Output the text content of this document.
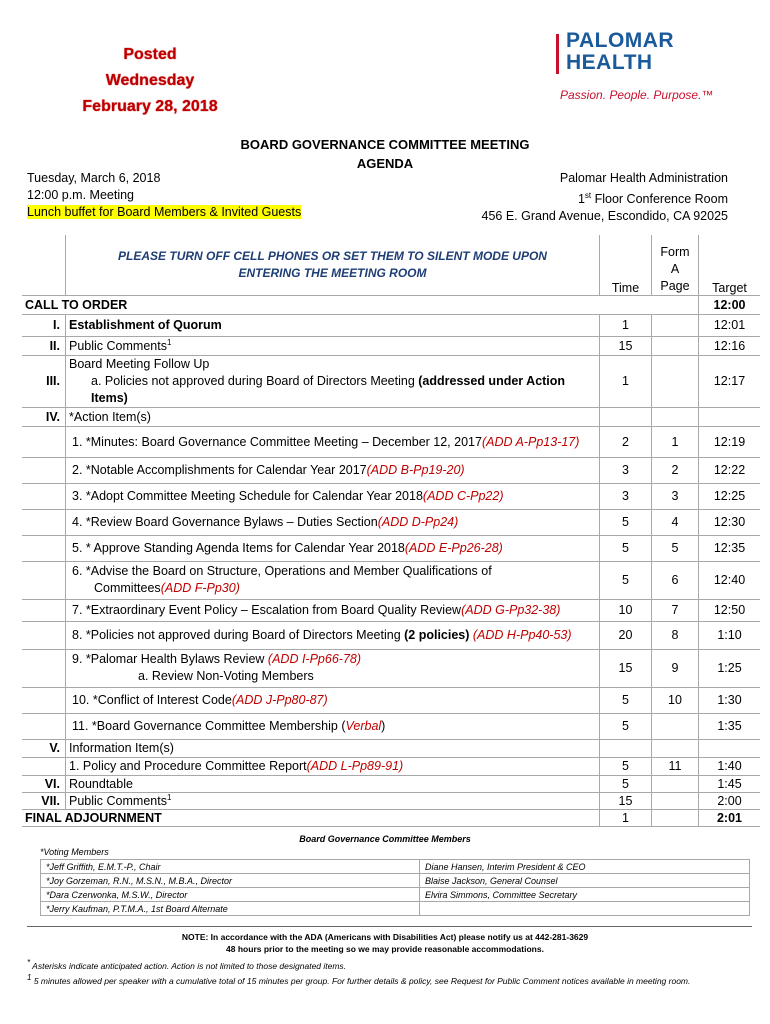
Posted
Wednesday
February 28, 2018
PALOMAR
HEALTH
Passion. People. Purpose.™
BOARD GOVERNANCE COMMITTEE MEETING
AGENDA
Tuesday, March 6, 2018
12:00 p.m. Meeting
Lunch buffet for Board Members & Invited Guests
Palomar Health Administration
1st Floor Conference Room
456 E. Grand Avenue, Escondido, CA 92025

	PLEASE TURN OFF CELL PHONES OR SET THEM TO SILENT MODE UPON ENTERING THE MEETING ROOM	Time	Form
A
Page	Target
CALL TO ORDER				12:00
I.	Establishment of Quorum	1		12:01
II.	Public Comments$^1$	15		12:16
III.	Board Meeting Follow Up
a. Policies not approved during Board of Directors Meeting (addressed under Action Items)	1		12:17
IV.	*Action Item(s)			
	1. *Minutes: Board Governance Committee Meeting – December 12, 2017(ADD A-Pp13-17)	2	1	12:19
	2. *Notable Accomplishments for Calendar Year 2017(ADD B-Pp19-20)	3	2	12:22
	3. *Adopt Committee Meeting Schedule for Calendar Year 2018(ADD C-Pp22)	3	3	12:25
	4. *Review Board Governance Bylaws – Duties Section(ADD D-Pp24)	5	4	12:30
	5. * Approve Standing Agenda Items for Calendar Year 2018(ADD E-Pp26-28)	5	5	12:35

	6. *Advise the Board on Structure, Operations and Member Qualifications of
Committees(ADD F-Pp30)	5	6	12:40
	7. *Extraordinary Event Policy – Escalation from Board Quality Review(ADD G-Pp32-38)	10	7	12:50
	8. *Policies not approved during Board of Directors Meeting (2 policies) (ADD H-Pp40-53)	20	8	1:10

	9. *Palomar Health Bylaws Review (ADD I-Pp66-78)
a. Review Non-Voting Members	15	9	1:25
	10. *Conflict of Interest Code(ADD J-Pp80-87)	5	10	1:30
	11. *Board Governance Committee Membership (Verbal)	5		1:35
V.	Information Item(s)			
	1. Policy and Procedure Committee Report(ADD L-Pp89-91)	5	11	1:40
VI.	Roundtable	5		1:45
VII.	Public Comments$^1$	15		2:00
FINAL ADJOURNMENT		1		2:01
Board Governance Committee Members
*Voting Members
*Jeff Griffith, E.M.T.-P., Chair	Diane Hansen, Interim President & CEO
*Joy Gorzeman, R.N., M.S.N., M.B.A., Director	Blaise Jackson, General Counsel
*Dara Czerwonka, M.S.W., Director	Elvira Simmons, Committee Secretary
*Jerry Kaufman, P.T.M.A., 1st Board Alternate	
NOTE: In accordance with the ADA (Americans with Disabilities Act) please notify us at 442-281-3629
48 hours prior to the meeting so we may provide reasonable accommodations.
* Asterisks indicate anticipated action. Action is not limited to those designated items.
$^1$ 5 minutes allowed per speaker with a cumulative total of 15 minutes per group. For further details & policy, see Request for Public Comment notices available in meeting room.
